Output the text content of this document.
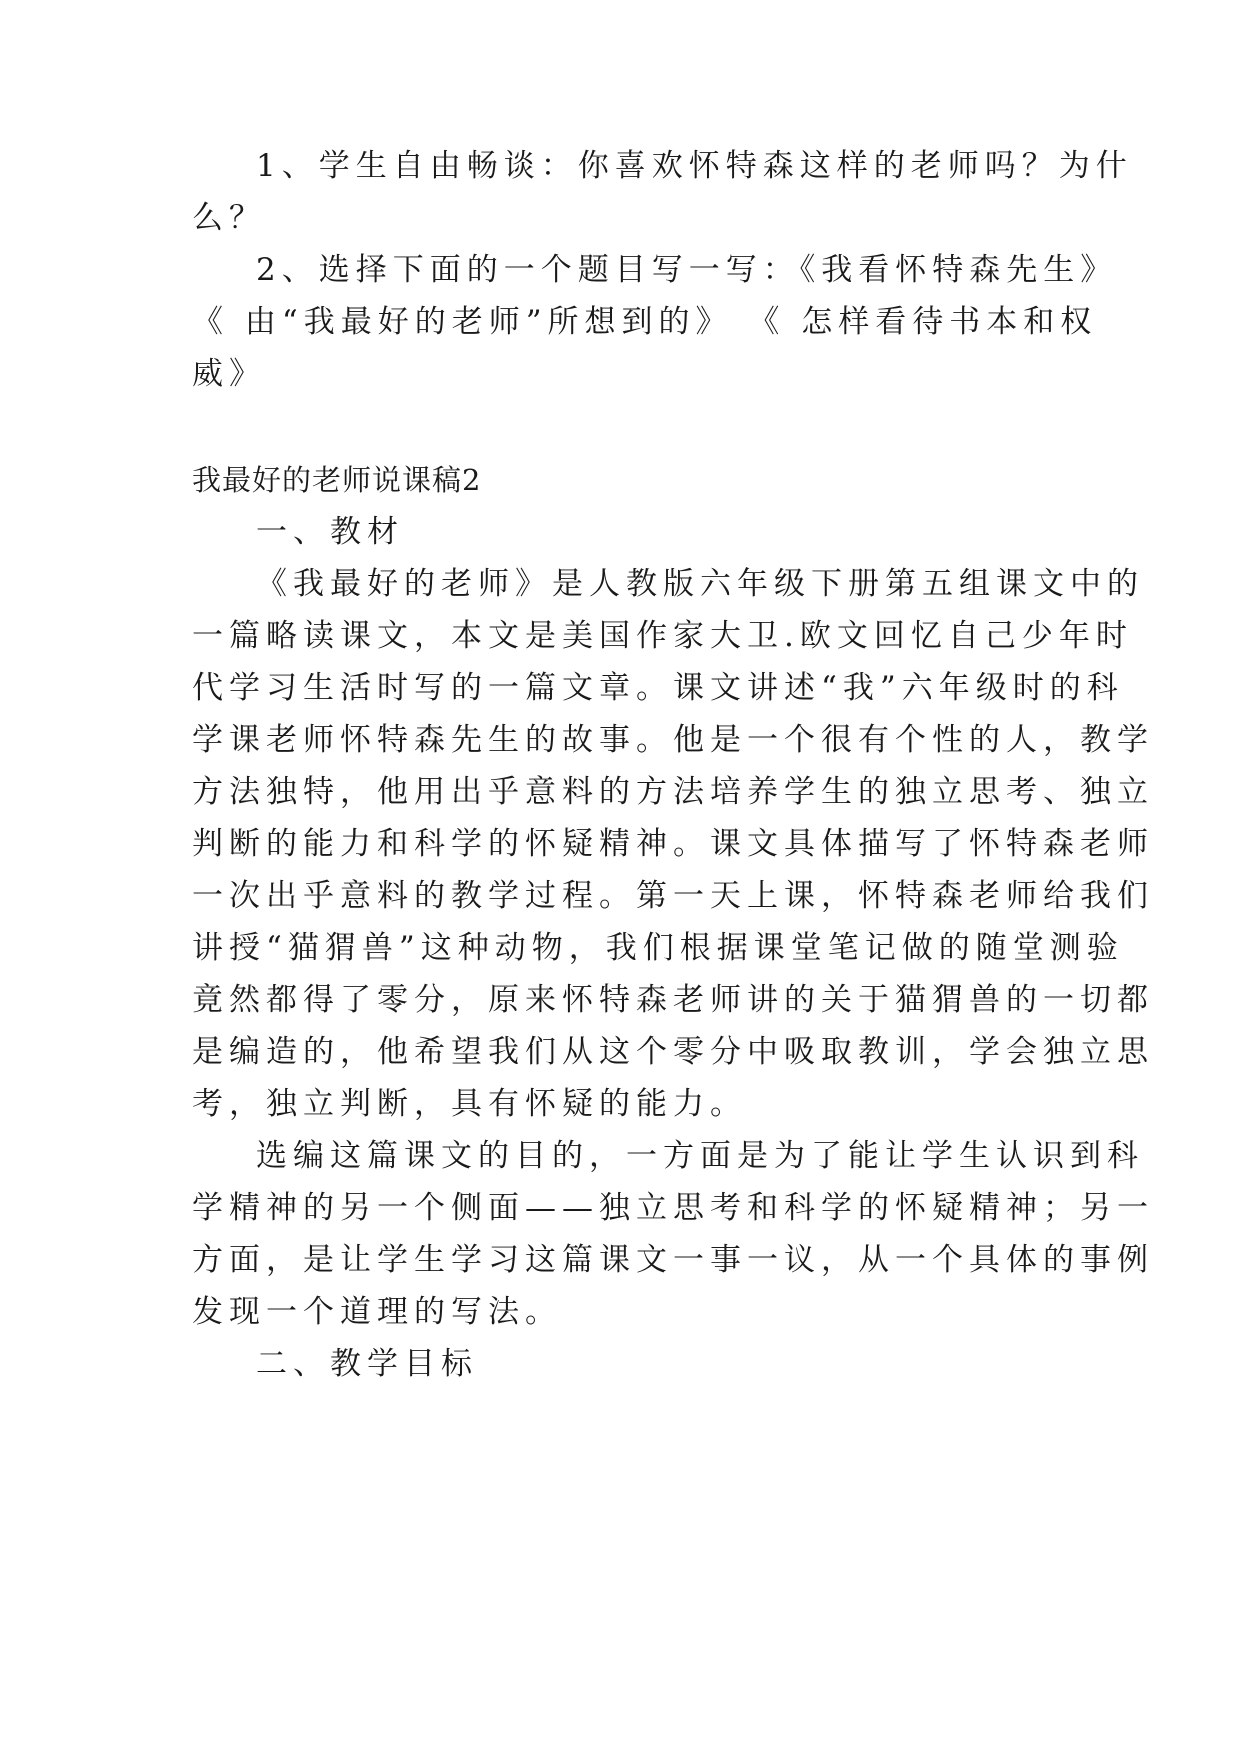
1、学生自由畅谈：你喜欢怀特森这样的老师吗？为什
么？
2、选择下面的一个题目写一写：《我看怀特森先生》
《 由“我最好的老师”所想到的》 《 怎样看待书本和权
威》
我最好的老师说课稿2
一、教材
《我最好的老师》是人教版六年级下册第五组课文中的
一篇略读课文，本文是美国作家大卫.欧文回忆自己少年时
代学习生活时写的一篇文章。课文讲述“我”六年级时的科
学课老师怀特森先生的故事。他是一个很有个性的人，教学
方法独特，他用出乎意料的方法培养学生的独立思考、独立
判断的能力和科学的怀疑精神。课文具体描写了怀特森老师
一次出乎意料的教学过程。第一天上课，怀特森老师给我们
讲授“猫猬兽”这种动物，我们根据课堂笔记做的随堂测验
竟然都得了零分，原来怀特森老师讲的关于猫猬兽的一切都
是编造的，他希望我们从这个零分中吸取教训，学会独立思
考，独立判断，具有怀疑的能力。
选编这篇课文的目的，一方面是为了能让学生认识到科
学精神的另一个侧面——独立思考和科学的怀疑精神；另一
方面，是让学生学习这篇课文一事一议，从一个具体的事例
发现一个道理的写法。
二、教学目标
